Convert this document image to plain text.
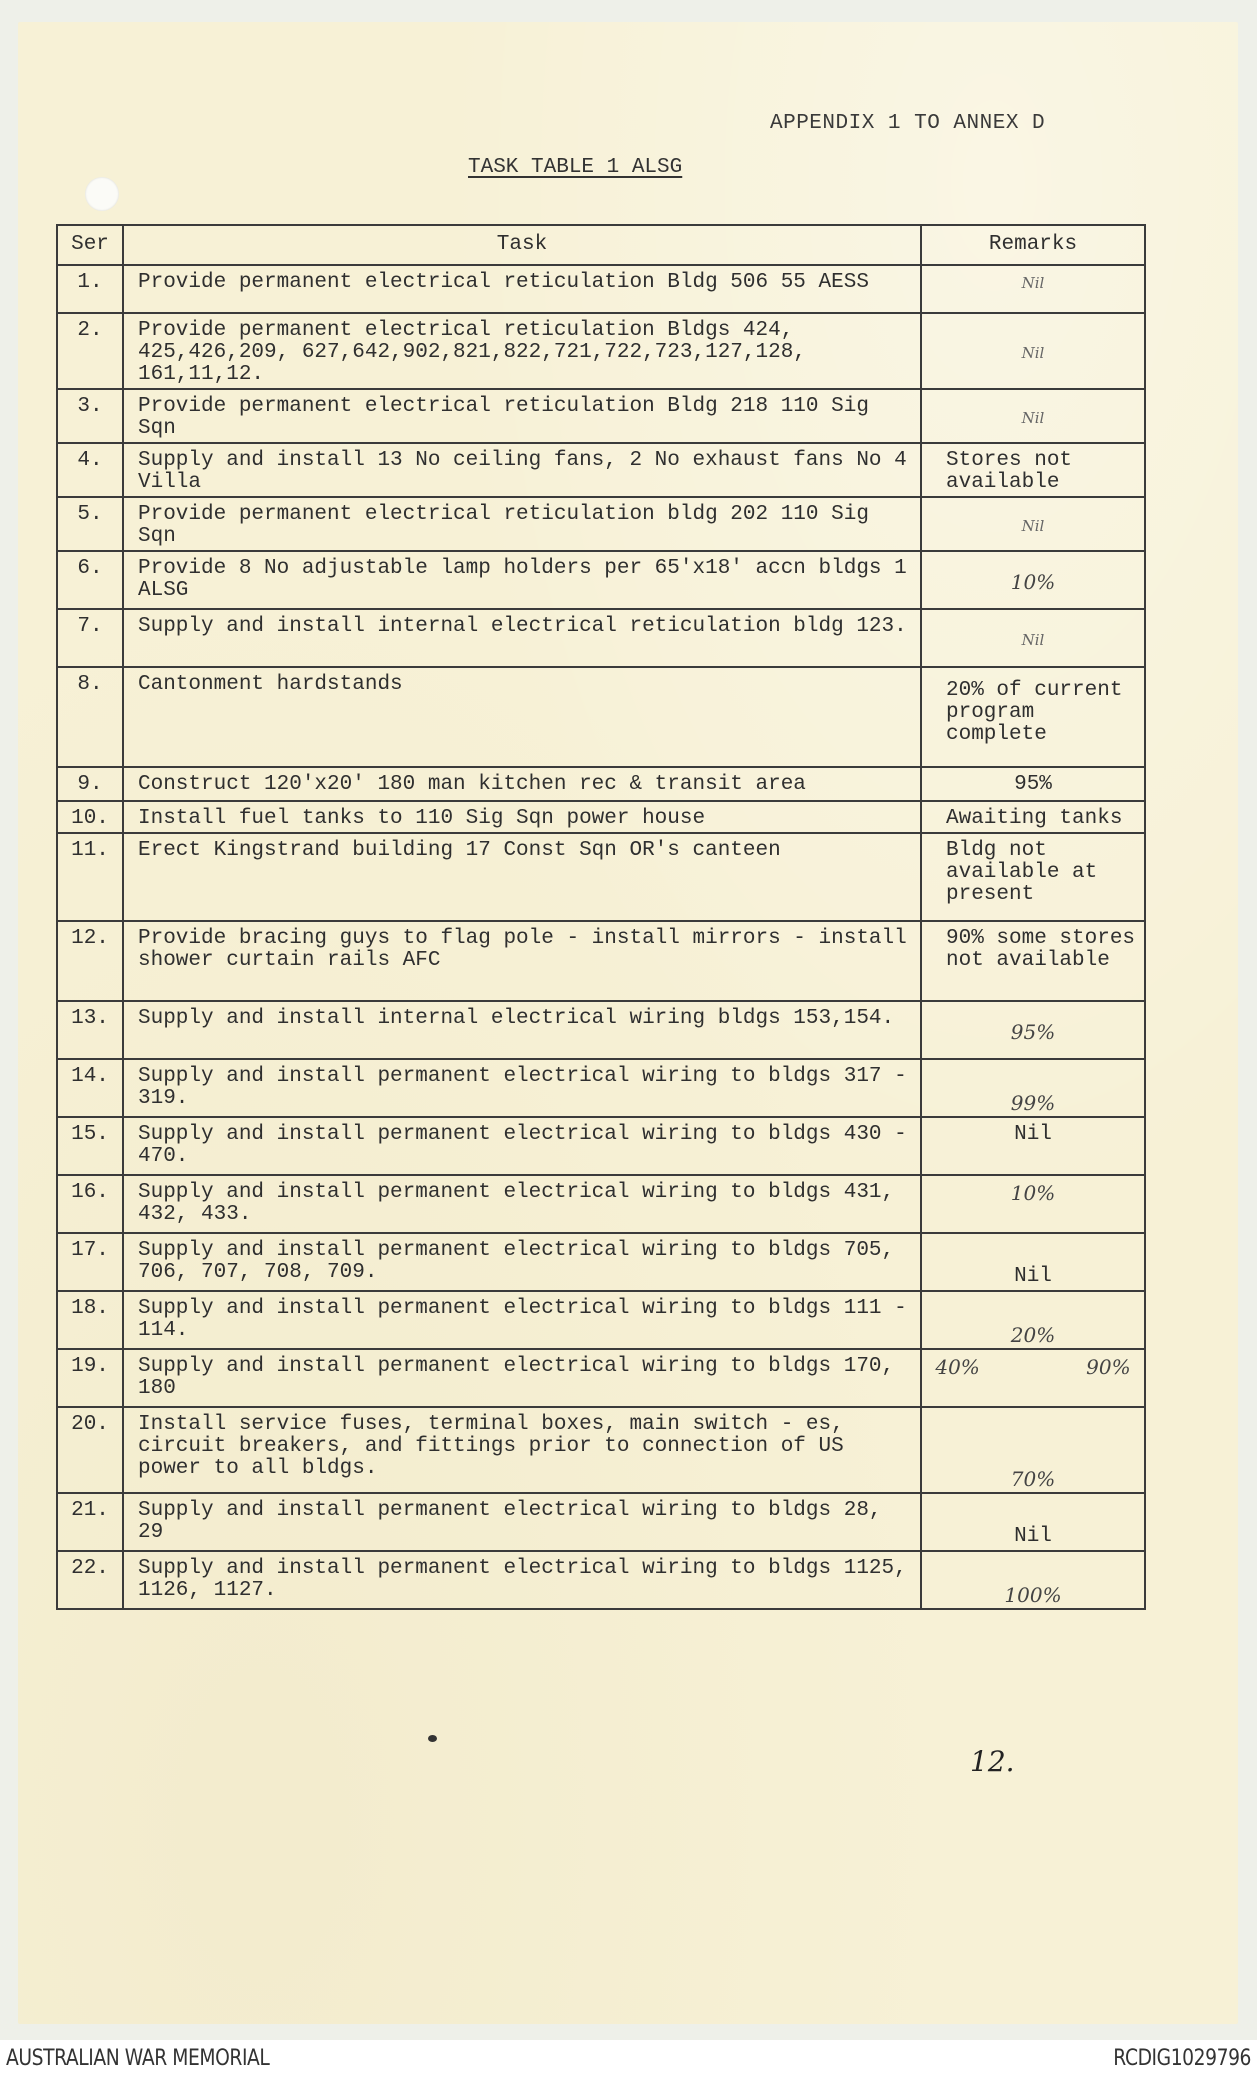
APPENDIX 1 TO ANNEX D
TASK TABLE 1 ALSG
Ser	Task	Remarks
1.	Provide permanent electrical reticulation Bldg 506 55 AESS	Nil
2.	Provide permanent electrical reticulation Bldgs 424, 425,426,209, 627,642,902,821,822,721,722,723,127,128, 161,11,12.	Nil
3.	Provide permanent electrical reticulation Bldg 218 110 Sig Sqn	Nil
4.	Supply and install 13 No ceiling fans, 2 No exhaust fans No 4 Villa	Stores not available
5.	Provide permanent electrical reticulation bldg 202 110 Sig Sqn	Nil
6.	Provide 8 No adjustable lamp holders per 65'x18' accn bldgs 1 ALSG	10%
7.	Supply and install internal electrical reticulation bldg 123.	Nil
8.	Cantonment hardstands	20% of current program complete
9.	Construct 120'x20' 180 man kitchen rec & transit area	95%
10.	Install fuel tanks to 110 Sig Sqn power house	Awaiting tanks
11.	Erect Kingstrand building 17 Const Sqn OR's canteen	Bldg not available at present
12.	Provide bracing guys to flag pole - install mirrors - install shower curtain rails AFC	90% some stores not available
13.	Supply and install internal electrical wiring bldgs 153,154.	95%
14.	Supply and install permanent electrical wiring to bldgs 317 - 319.	99%
15.	Supply and install permanent electrical wiring to bldgs 430 - 470.	Nil
16.	Supply and install permanent electrical wiring to bldgs 431, 432, 433.	10%
17.	Supply and install permanent electrical wiring to bldgs 705, 706, 707, 708, 709.	Nil
18.	Supply and install permanent electrical wiring to bldgs 111 - 114.	20%
19.	Supply and install permanent electrical wiring to bldgs 170, 180	40% 90%
20.	Install service fuses, terminal boxes, main switch - es, circuit breakers, and fittings prior to connection of US power to all bldgs.	70%
21.	Supply and install permanent electrical wiring to bldgs 28, 29	Nil
22.	Supply and install permanent electrical wiring to bldgs 1125, 1126, 1127.	100%
12.
AUSTRALIAN WAR MEMORIAL	RCDIG1029796
